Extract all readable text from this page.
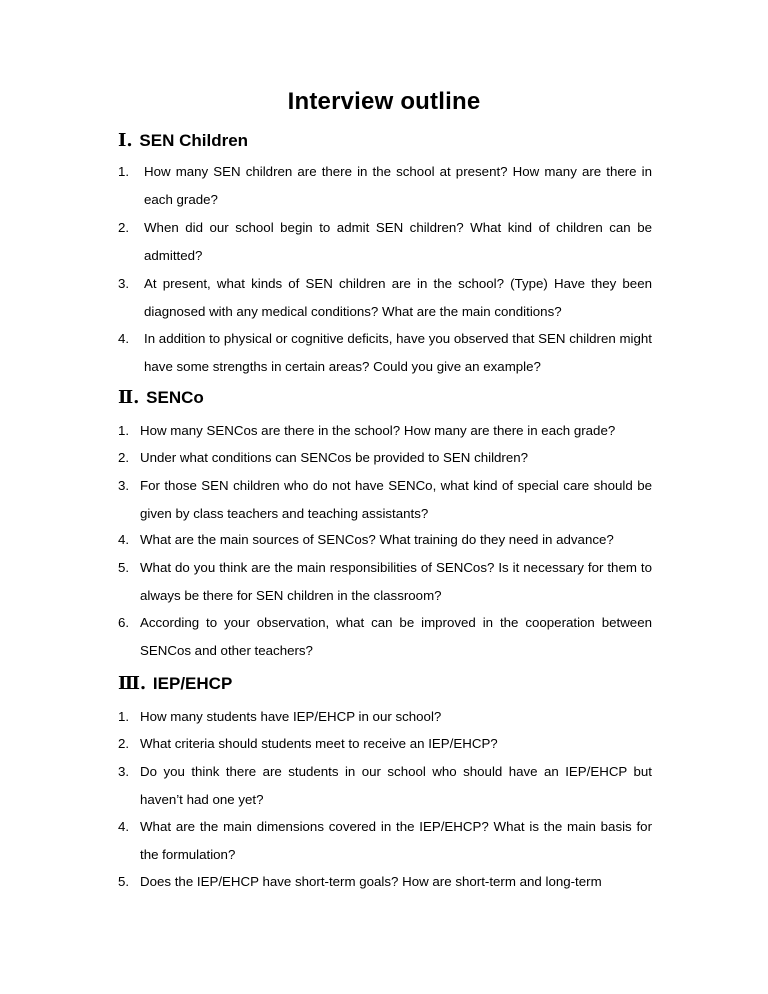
Interview outline
Ⅰ. SEN Children
1. How many SEN children are there in the school at present? How many are there in each grade?
2. When did our school begin to admit SEN children? What kind of children can be admitted?
3. At present, what kinds of SEN children are in the school? (Type) Have they been diagnosed with any medical conditions? What are the main conditions?
4. In addition to physical or cognitive deficits, have you observed that SEN children might have some strengths in certain areas? Could you give an example?
Ⅱ. SENCo
1. How many SENCos are there in the school? How many are there in each grade?
2. Under what conditions can SENCos be provided to SEN children?
3. For those SEN children who do not have SENCo, what kind of special care should be given by class teachers and teaching assistants?
4. What are the main sources of SENCos? What training do they need in advance?
5. What do you think are the main responsibilities of SENCos? Is it necessary for them to always be there for SEN children in the classroom?
6. According to your observation, what can be improved in the cooperation between SENCos and other teachers?
Ⅲ. IEP/EHCP
1. How many students have IEP/EHCP in our school?
2. What criteria should students meet to receive an IEP/EHCP?
3. Do you think there are students in our school who should have an IEP/EHCP but haven’t had one yet?
4. What are the main dimensions covered in the IEP/EHCP? What is the main basis for the formulation?
5. Does the IEP/EHCP have short-term goals? How are short-term and long-term
